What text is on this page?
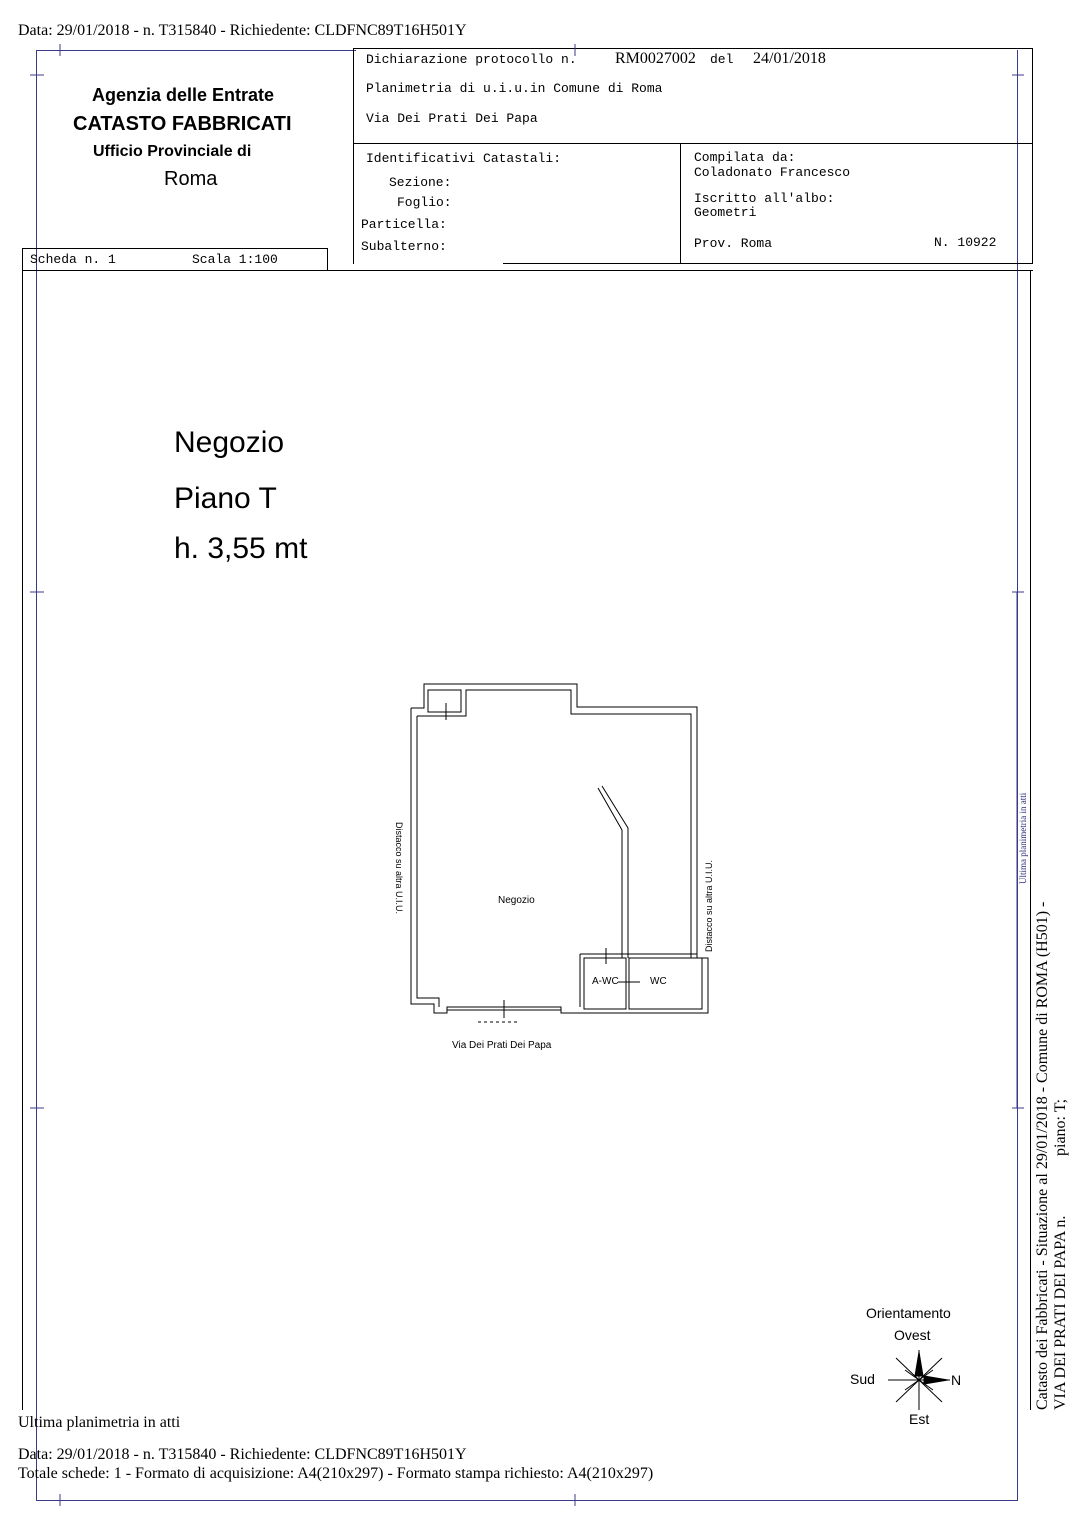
Data: 29/01/2018 - n. T315840 - Richiedente: CLDFNC89T16H501Y
Agenzia delle Entrate
CATASTO FABBRICATI
Ufficio Provinciale di
Roma
Dichiarazione protocollo n. RM0027002 del 24/01/2018
Planimetria di u.i.u.in Comune di Roma
Via Dei Prati Dei Papa
Identificativi Catastali:
Sezione:
Foglio:
Particella:
Subalterno:
Compilata da:
Coladonato Francesco
Iscritto all'albo:
Geometri
Prov. Roma	N. 10922
Scheda n. 1	Scala 1:100
Negozio
Piano T
h. 3,55 mt
Negozio
A-WC	WC
Distacco su altra U.I.U.	Distacco su altra U.I.U.
Via Dei Prati Dei Papa
Orientamento
Ovest
Sud	N
Est
Catasto dei Fabbricati - Situazione al 29/01/2018 - Comune di ROMA (H501) - VIA DEI PRATI DEI PAPA n.
piano: T;
Ultima planimetria in atti
Ultima planimetria in atti
Data: 29/01/2018 - n. T315840 - Richiedente: CLDFNC89T16H501Y
Totale schede: 1 - Formato di acquisizione: A4(210x297) - Formato stampa richiesto: A4(210x297)
